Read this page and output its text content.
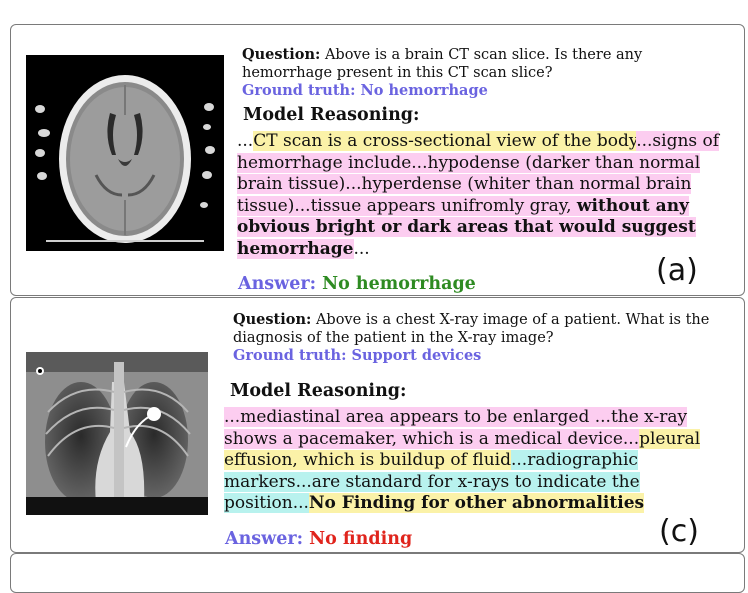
Question: Above is a brain CT scan slice. Is there any hemorrhage present in this CT scan slice?
Ground truth: No hemorrhage
Model Reasoning:
...CT scan is a cross-sectional view of the body...signs of hemorrhage include...hypodense (darker than normal brain tissue)...hyperdense (whiter than normal brain tissue)...tissue appears unifromly gray, without any obvious bright or dark areas that would suggest hemorrhage...
Answer: No hemorrhage	(a)
Question: Above is a chest X-ray image of a patient. What is the diagnosis of the patient in the X-ray image?
Ground truth: Support devices
Model Reasoning:
...mediastinal area appears to be enlarged ...the x-ray shows a pacemaker, which is a medical device...pleural effusion, which is buildup of fluid...radiographic markers...are standard for x-rays to indicate the position...No Finding for other abnormalities
Answer: No finding	(c)
